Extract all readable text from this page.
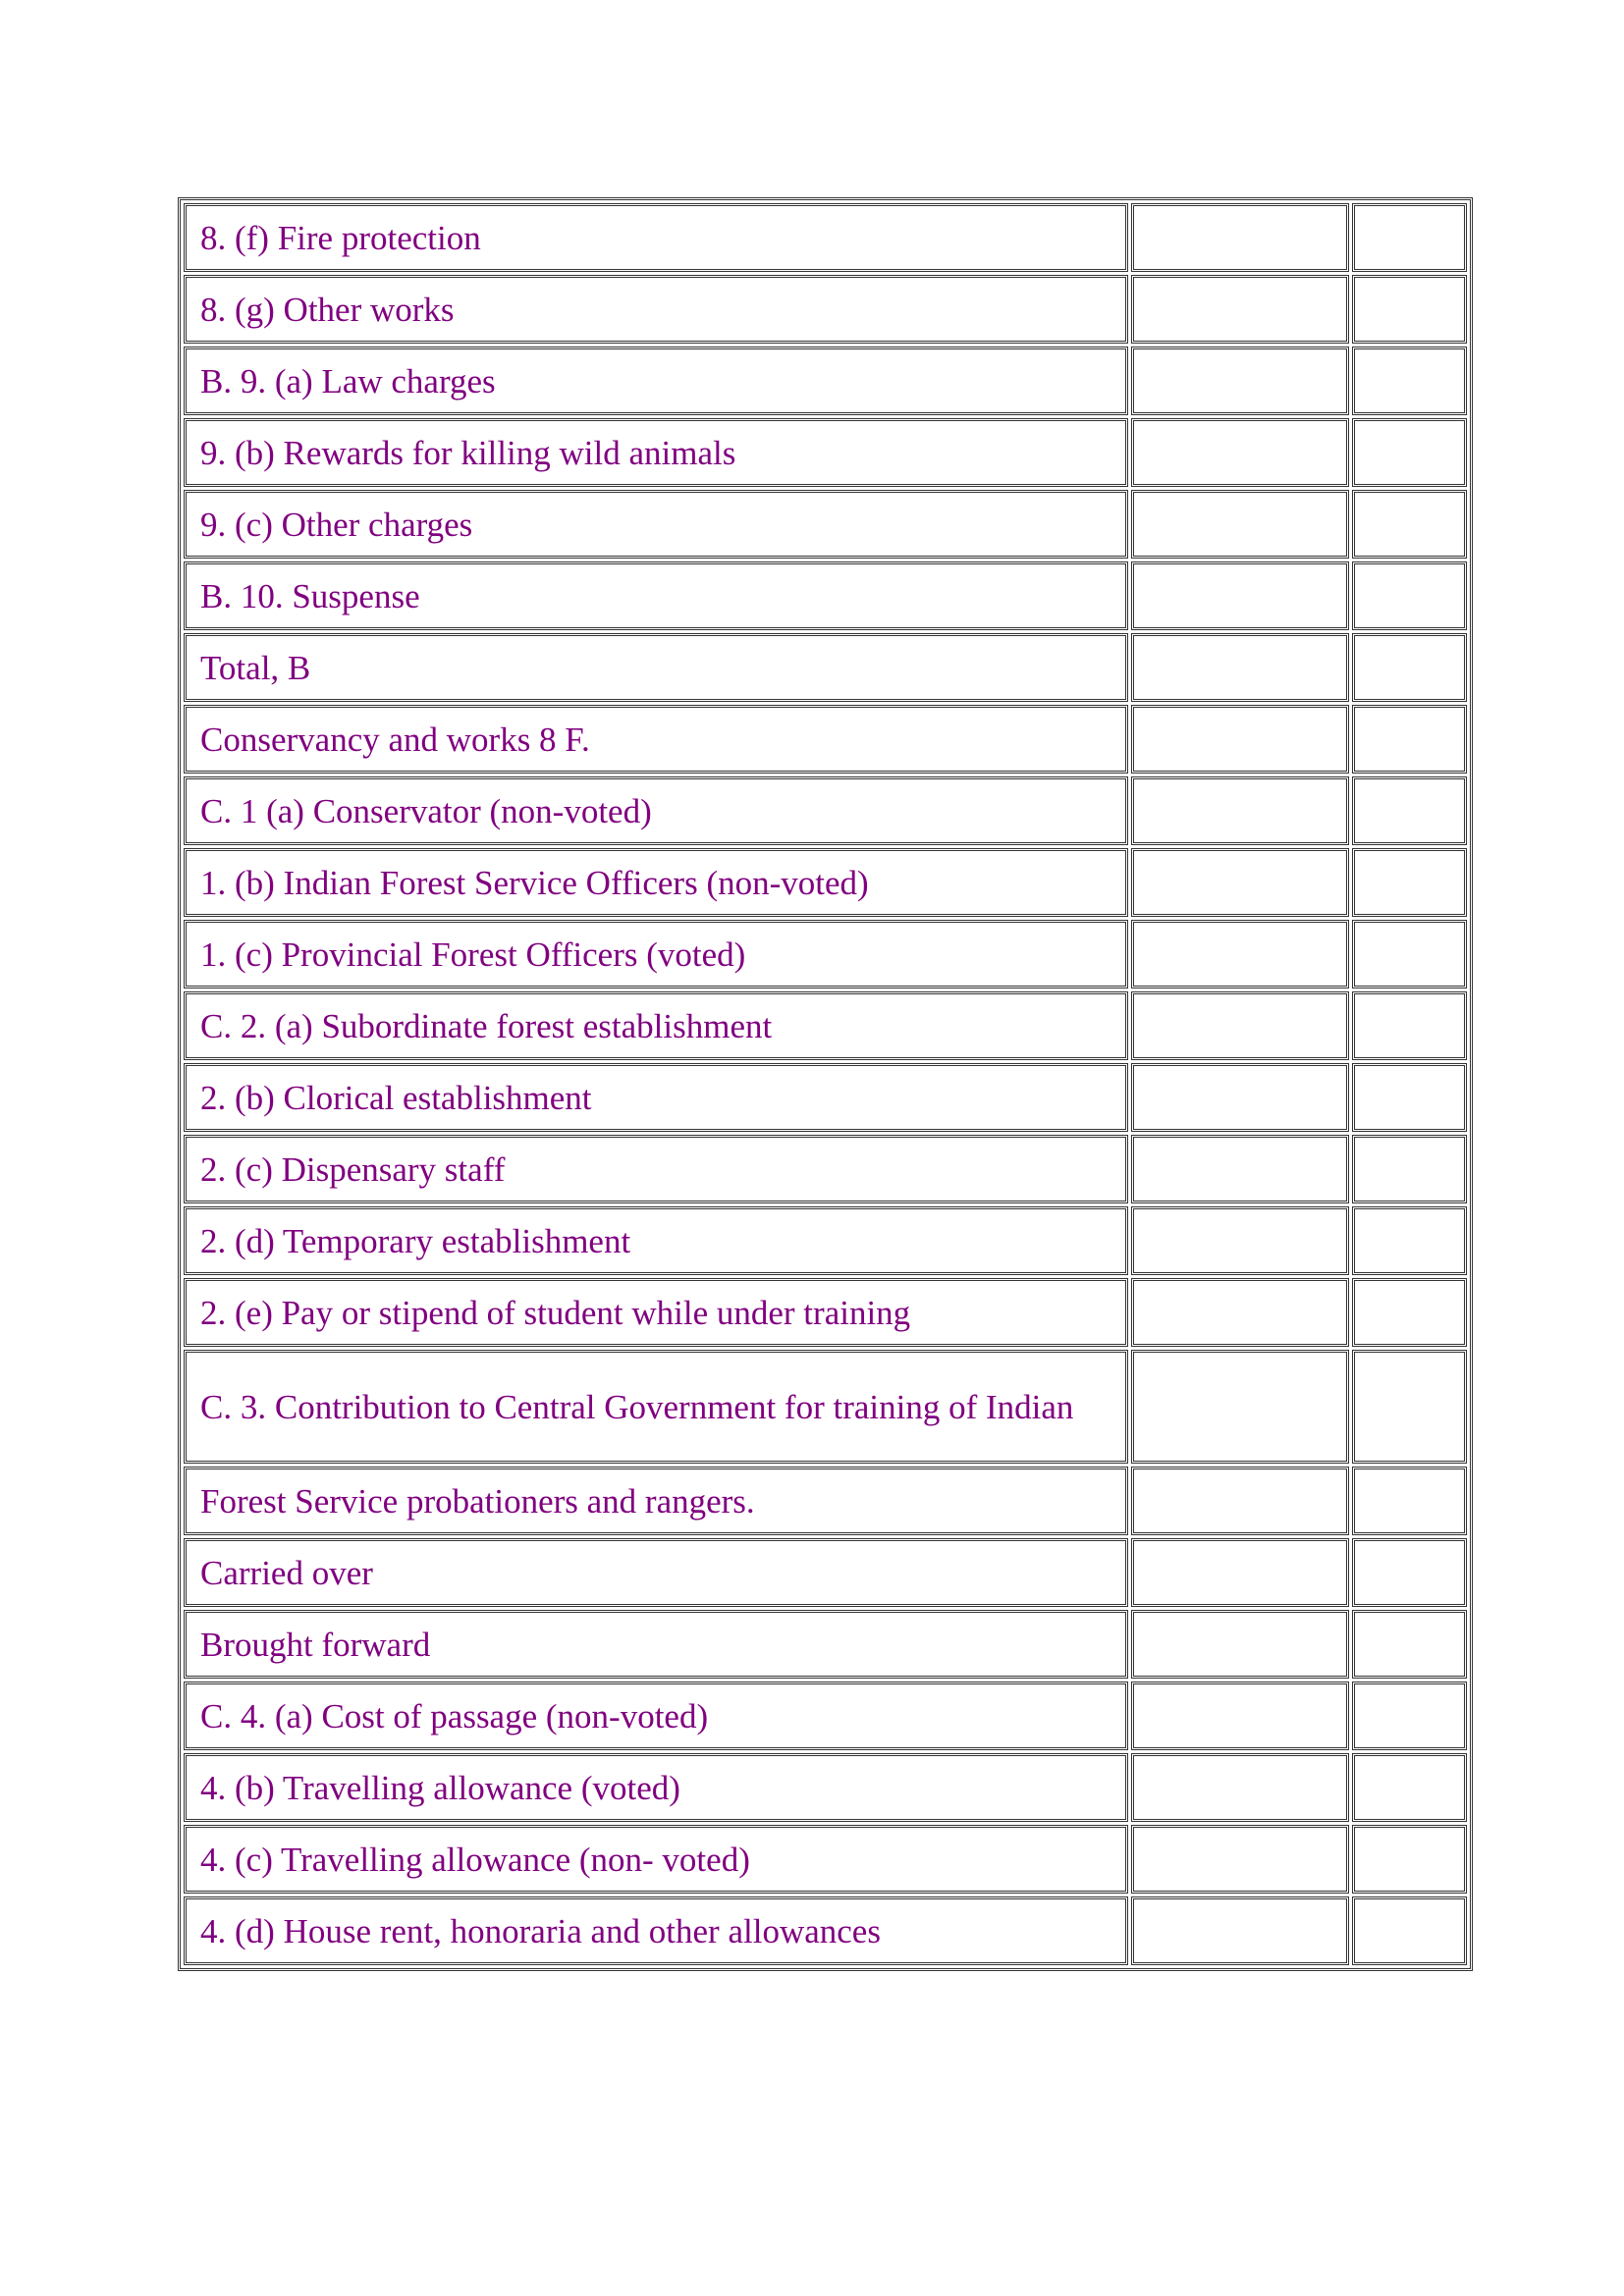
8. (f) Fire protection		
8. (g) Other works		
B. 9. (a) Law charges		
9. (b) Rewards for killing wild animals		
9. (c) Other charges		
B. 10. Suspense		
Total, B		
Conservancy and works 8 F.		
C. 1 (a) Conservator (non-voted)		
1. (b) Indian Forest Service Officers (non-voted)		
1. (c) Provincial Forest Officers (voted)		
C. 2. (a) Subordinate forest establishment		
2. (b) Clorical establishment		
2. (c) Dispensary staff		
2. (d) Temporary establishment		
2. (e) Pay or stipend of student while under training		
C. 3. Contribution to Central Government for training of Indian		
Forest Service probationers and rangers.		
Carried over		
Brought forward		
C. 4. (a) Cost of passage (non-voted)		
4. (b) Travelling allowance (voted)		
4. (c) Travelling allowance (non- voted)		
4. (d) House rent, honoraria and other allowances		
